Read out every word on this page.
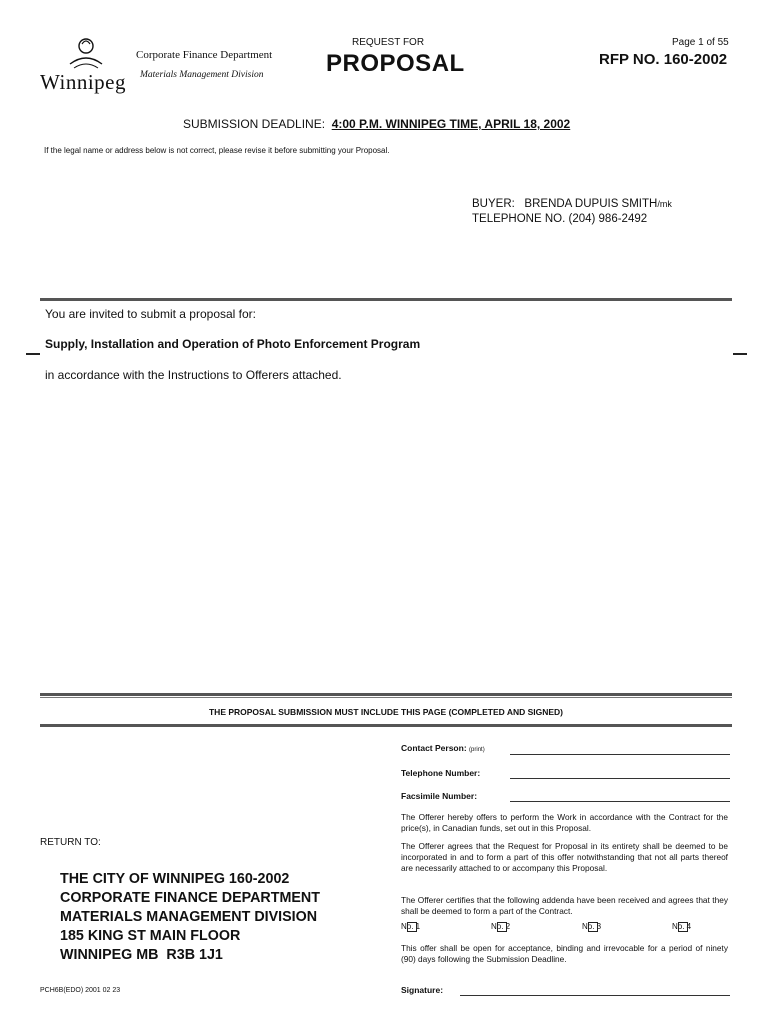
Winnipeg
Corporate Finance Department
Materials Management Division
REQUEST FOR
PROPOSAL
Page 1 of 55
RFP NO. 160-2002
SUBMISSION DEADLINE: 4:00 P.M. WINNIPEG TIME, APRIL 18, 2002
If the legal name or address below is not correct, please revise it before submitting your Proposal.
BUYER: BRENDA DUPUIS SMITH/mk
TELEPHONE NO. (204) 986-2492
You are invited to submit a proposal for:
Supply, Installation and Operation of Photo Enforcement Program
in accordance with the Instructions to Offerers attached.
THE PROPOSAL SUBMISSION MUST INCLUDE THIS PAGE (COMPLETED AND SIGNED)
Contact Person: (print)
Telephone Number:
Facsimile Number:
The Offerer hereby offers to perform the Work in accordance with the Contract for the price(s), in Canadian funds, set out in this Proposal.
The Offerer agrees that the Request for Proposal in its entirety shall be deemed to be incorporated in and to form a part of this offer notwithstanding that not all parts thereof are necessarily attached to or accompany this Proposal.
The Offerer certifies that the following addenda have been received and agrees that they shall be deemed to form a part of the Contract.
No. 1	No. 2	No. 3	No. 4
This offer shall be open for acceptance, binding and irrevocable for a period of ninety (90) days following the Submission Deadline.
RETURN TO:
THE CITY OF WINNIPEG 160-2002
CORPORATE FINANCE DEPARTMENT
MATERIALS MANAGEMENT DIVISION
185 KING ST MAIN FLOOR
WINNIPEG MB  R3B 1J1
PCH6B(EDO) 2001 02 23	Signature:
